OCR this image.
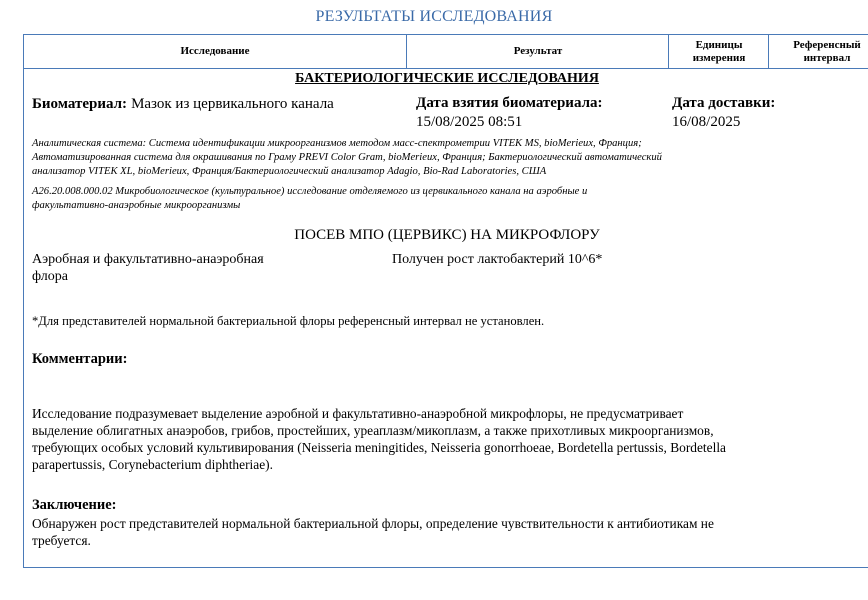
РЕЗУЛЬТАТЫ ИССЛЕДОВАНИЯ
Исследование	Результат
Единицы
измерения
Референсный
интервал
БАКТЕРИОЛОГИЧЕСКИЕ ИССЛЕДОВАНИЯ
Биоматериал: Мазок из цервикального канала	Дата взятия биоматериала:
15/08/2025 08:51
Дата доставки:
16/08/2025
Аналитическая система: Система идентификации микроорганизмов методом масс-спектрометрии VITEK MS, bioMerieux, Франция;
Автоматизированная система для окрашивания по Граму PREVI Color Gram, bioMerieux, Франция; Бактериологический автоматический
анализатор VITEK XL, bioMerieux, Франция/Бактериологический анализатор Adagio, Bio-Rad Laboratories, США
A26.20.008.000.02 Микробиологическое (культуральное) исследование отделяемого из цервикального канала на аэробные и
факультативно-анаэробные микроорганизмы
ПОСЕВ МПО (ЦЕРВИКС) НА МИКРОФЛОРУ
Аэробная и факультативно-анаэробная
флора
Получен рост лактобактерий 10^6*
*Для представителей нормальной бактериальной флоры референсный интервал не установлен.
Комментарии:
Исследование подразумевает выделение аэробной и факультативно-анаэробной микрофлоры, не предусматривает
выделение облигатных анаэробов, грибов, простейших, уреаплазм/микоплазм, а также прихотливых микроорганизмов,
требующих особых условий культивирования (Neisseria meningitides, Neisseria gonorrhoeae, Bordetella pertussis, Bordetella
parapertussis, Corynebacterium diphtheriae).
Заключение:
Обнаружен рост представителей нормальной бактериальной флоры, определение чувствительности к антибиотикам не
требуется.
